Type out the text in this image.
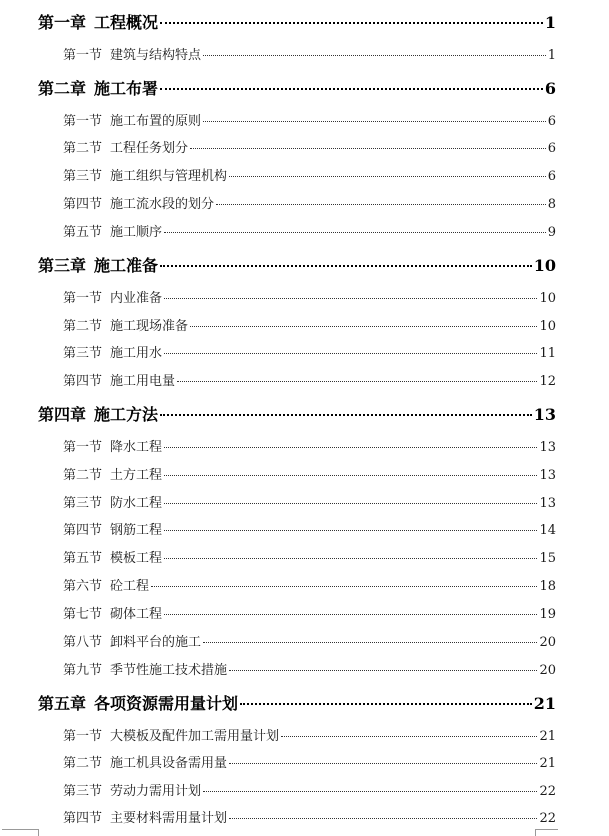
第一章 工程概况	1
第一节 建筑与结构特点	1
第二章 施工布署	6
第一节 施工布置的原则	6
第二节 工程任务划分	6
第三节 施工组织与管理机构	6
第四节 施工流水段的划分	8
第五节 施工顺序	9
第三章 施工准备	10
第一节 内业准备	10
第二节 施工现场准备	10
第三节 施工用水	11
第四节 施工用电量	12
第四章 施工方法	13
第一节 降水工程	13
第二节 土方工程	13
第三节 防水工程	13
第四节 钢筋工程	14
第五节 模板工程	15
第六节 砼工程	18
第七节 砌体工程	19
第八节 卸料平台的施工	20
第九节 季节性施工技术措施	20
第五章 各项资源需用量计划	21
第一节 大模板及配件加工需用量计划	21
第二节 施工机具设备需用量	21
第三节 劳动力需用计划	22
第四节 主要材料需用量计划	22
